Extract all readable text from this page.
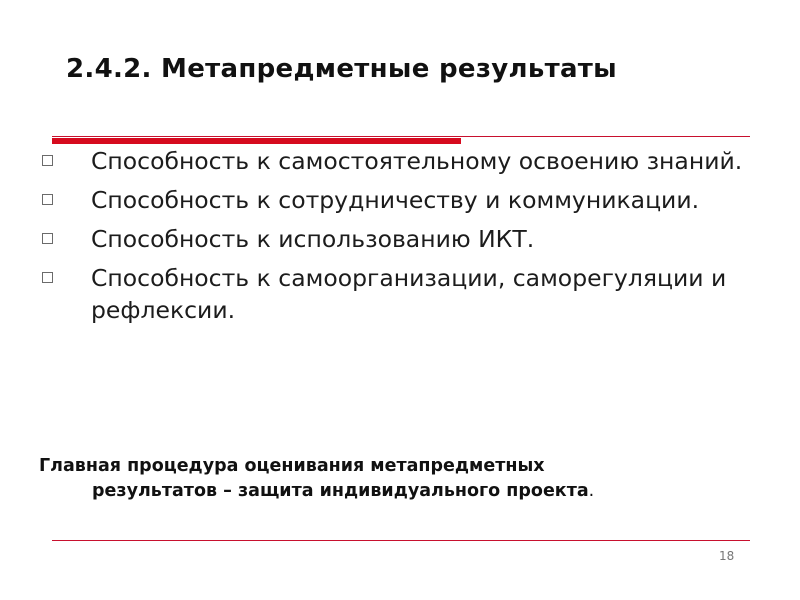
2.4.2. Метапредметные результаты
Способность к самостоятельному освоению знаний.
Способность к сотрудничеству и коммуникации.
Способность к использованию ИКТ.
Способность к самоорганизации, саморегуляции и рефлексии.
Главная процедура оценивания метапредметных
результатов – защита индивидуального проекта.
18
